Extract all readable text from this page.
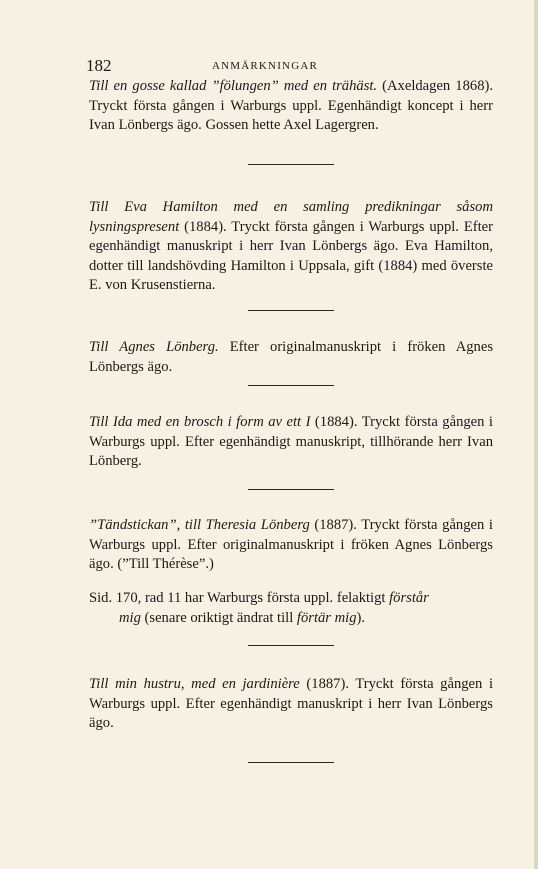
182	ANMÄRKNINGAR

Till en gosse kallad ”fölungen” med en trähäst. (Axeldagen 1868). Tryckt första gången i Warburgs uppl. Egenhändigt koncept i herr Ivan Lönbergs ägo. Gossen hette Axel Lagergren.

Till Eva Hamilton med en samling predikningar såsom lysningspresent (1884). Tryckt första gången i Warburgs uppl. Efter egenhändigt manuskript i herr Ivan Lönbergs ägo. Eva Hamilton, dotter till landshövding Hamilton i Uppsala, gift (1884) med överste E. von Krusenstierna.

Till Agnes Lönberg. Efter originalmanuskript i fröken Agnes Lönbergs ägo.

Till Ida med en brosch i form av ett I (1884). Tryckt första gången i Warburgs uppl. Efter egenhändigt manuskript, tillhörande herr Ivan Lönberg.

”Tändstickan”, till Theresia Lönberg (1887). Tryckt första gången i Warburgs uppl. Efter originalmanuskript i fröken Agnes Lönbergs ägo. (”Till Thérèse”.)

Sid. 170, rad 11 har Warburgs första uppl. felaktigt förstår
mig (senare oriktigt ändrat till förtär mig).

Till min hustru, med en jardinière (1887). Tryckt första gången i Warburgs uppl. Efter egenhändigt manuskript i herr Ivan Lönbergs ägo.
